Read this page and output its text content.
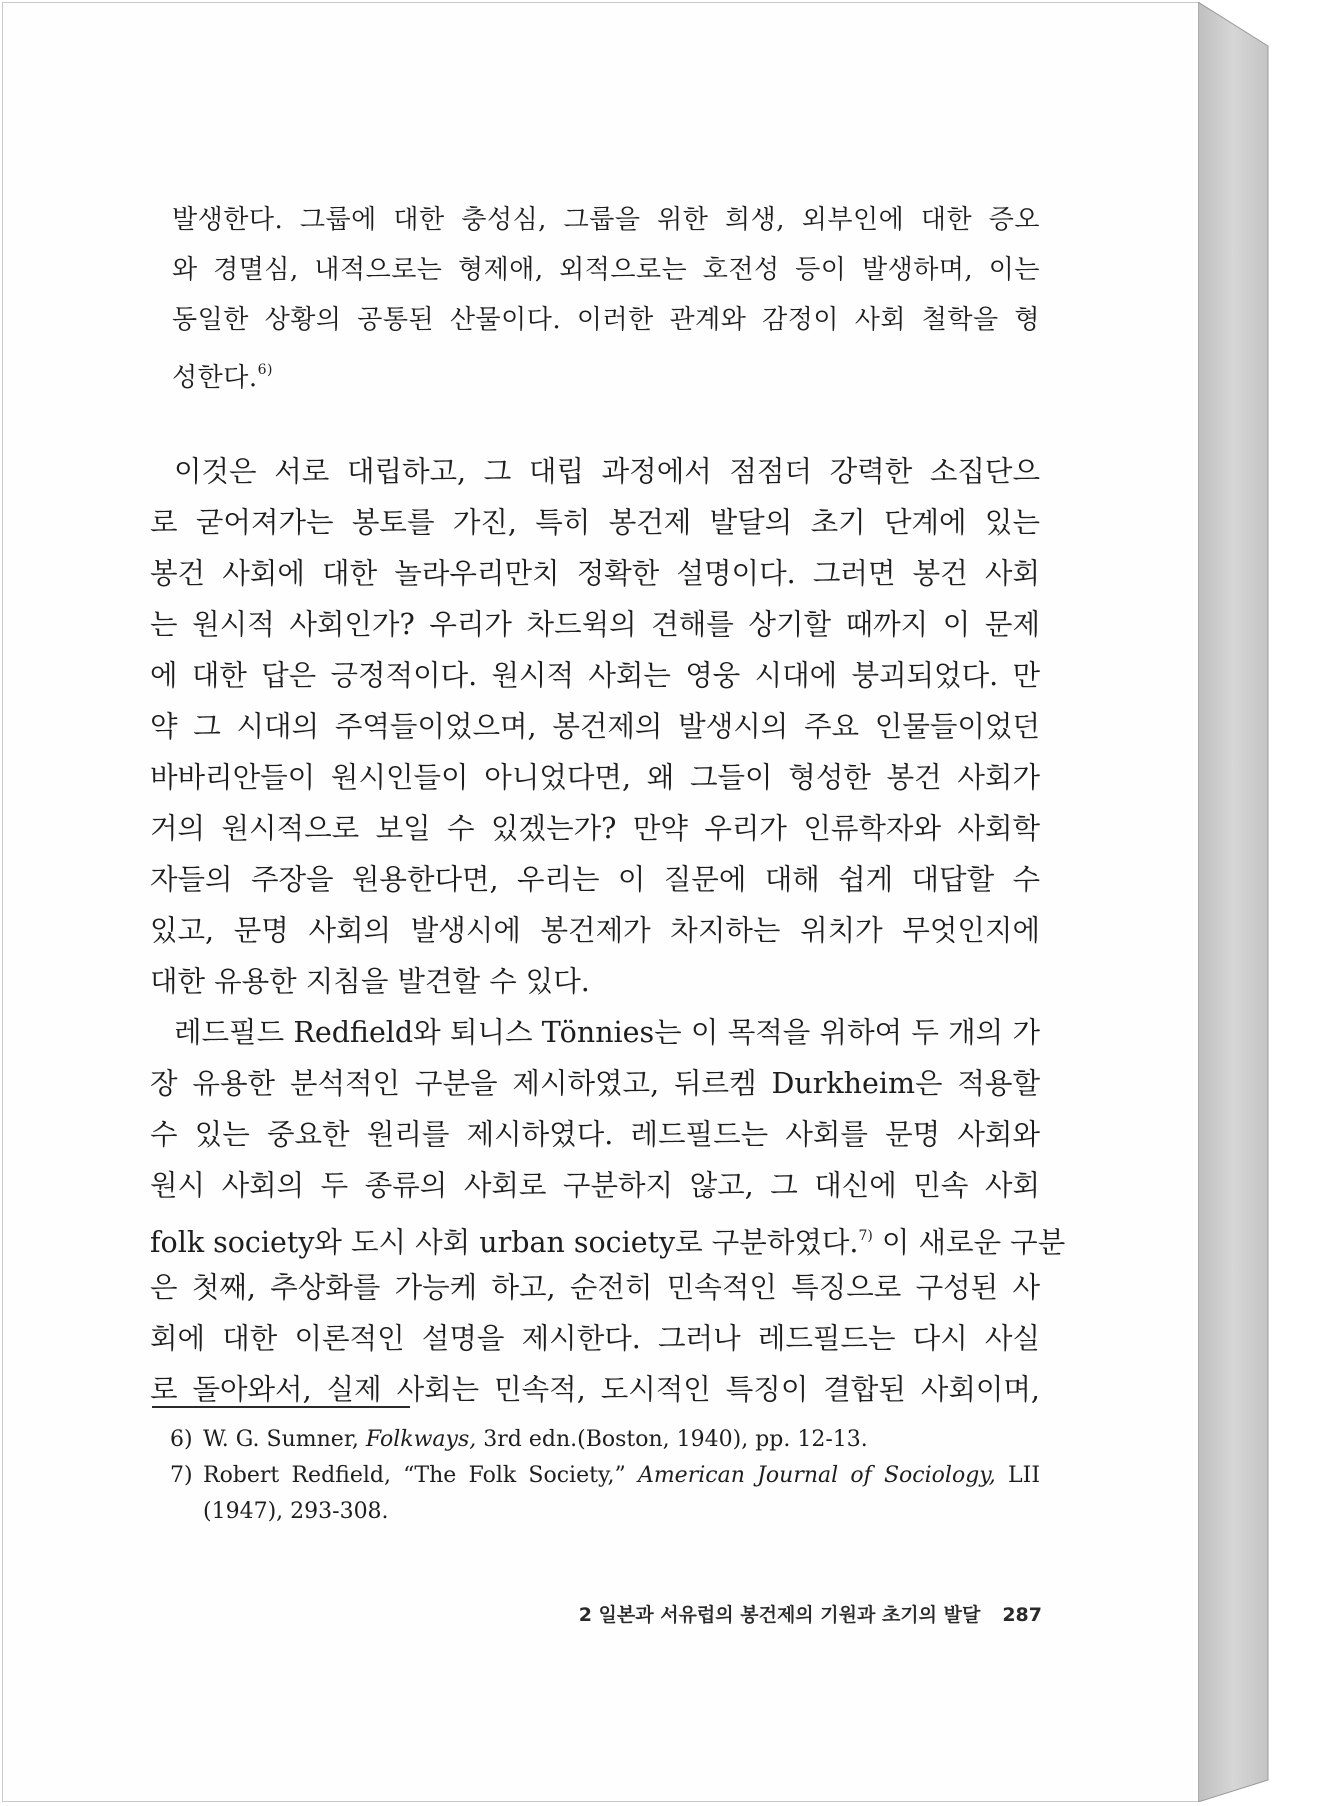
발생한다. 그룹에 대한 충성심, 그룹을 위한 희생, 외부인에 대한 증오
와 경멸심, 내적으로는 형제애, 외적으로는 호전성 등이 발생하며, 이는
동일한 상황의 공통된 산물이다. 이러한 관계와 감정이 사회 철학을 형
성한다.$^{6)}$
이것은 서로 대립하고, 그 대립 과정에서 점점더 강력한 소집단으
로 굳어져가는 봉토를 가진, 특히 봉건제 발달의 초기 단계에 있는
봉건 사회에 대한 놀라우리만치 정확한 설명이다. 그러면 봉건 사회
는 원시적 사회인가? 우리가 차드윅의 견해를 상기할 때까지 이 문제
에 대한 답은 긍정적이다. 원시적 사회는 영웅 시대에 붕괴되었다. 만
약 그 시대의 주역들이었으며, 봉건제의 발생시의 주요 인물들이었던
바바리안들이 원시인들이 아니었다면, 왜 그들이 형성한 봉건 사회가
거의 원시적으로 보일 수 있겠는가? 만약 우리가 인류학자와 사회학
자들의 주장을 원용한다면, 우리는 이 질문에 대해 쉽게 대답할 수
있고, 문명 사회의 발생시에 봉건제가 차지하는 위치가 무엇인지에
대한 유용한 지침을 발견할 수 있다.
레드필드 Redfield와 퇴니스 Tönnies는 이 목적을 위하여 두 개의 가
장 유용한 분석적인 구분을 제시하였고, 뒤르켐 Durkheim은 적용할
수 있는 중요한 원리를 제시하였다. 레드필드는 사회를 문명 사회와
원시 사회의 두 종류의 사회로 구분하지 않고, 그 대신에 민속 사회
folk society와 도시 사회 urban society로 구분하였다.$^{7)}$ 이 새로운 구분
은 첫째, 추상화를 가능케 하고, 순전히 민속적인 특징으로 구성된 사
회에 대한 이론적인 설명을 제시한다. 그러나 레드필드는 다시 사실
로 돌아와서, 실제 사회는 민속적, 도시적인 특징이 결합된 사회이며,
6) W. G. Sumner, Folkways, 3rd edn.(Boston, 1940), pp. 12-13.
7) Robert Redfield, “The Folk Society,” American Journal of Sociology, LII
(1947), 293-308.
2 일본과 서유럽의 봉건제의 기원과 초기의 발달 287
